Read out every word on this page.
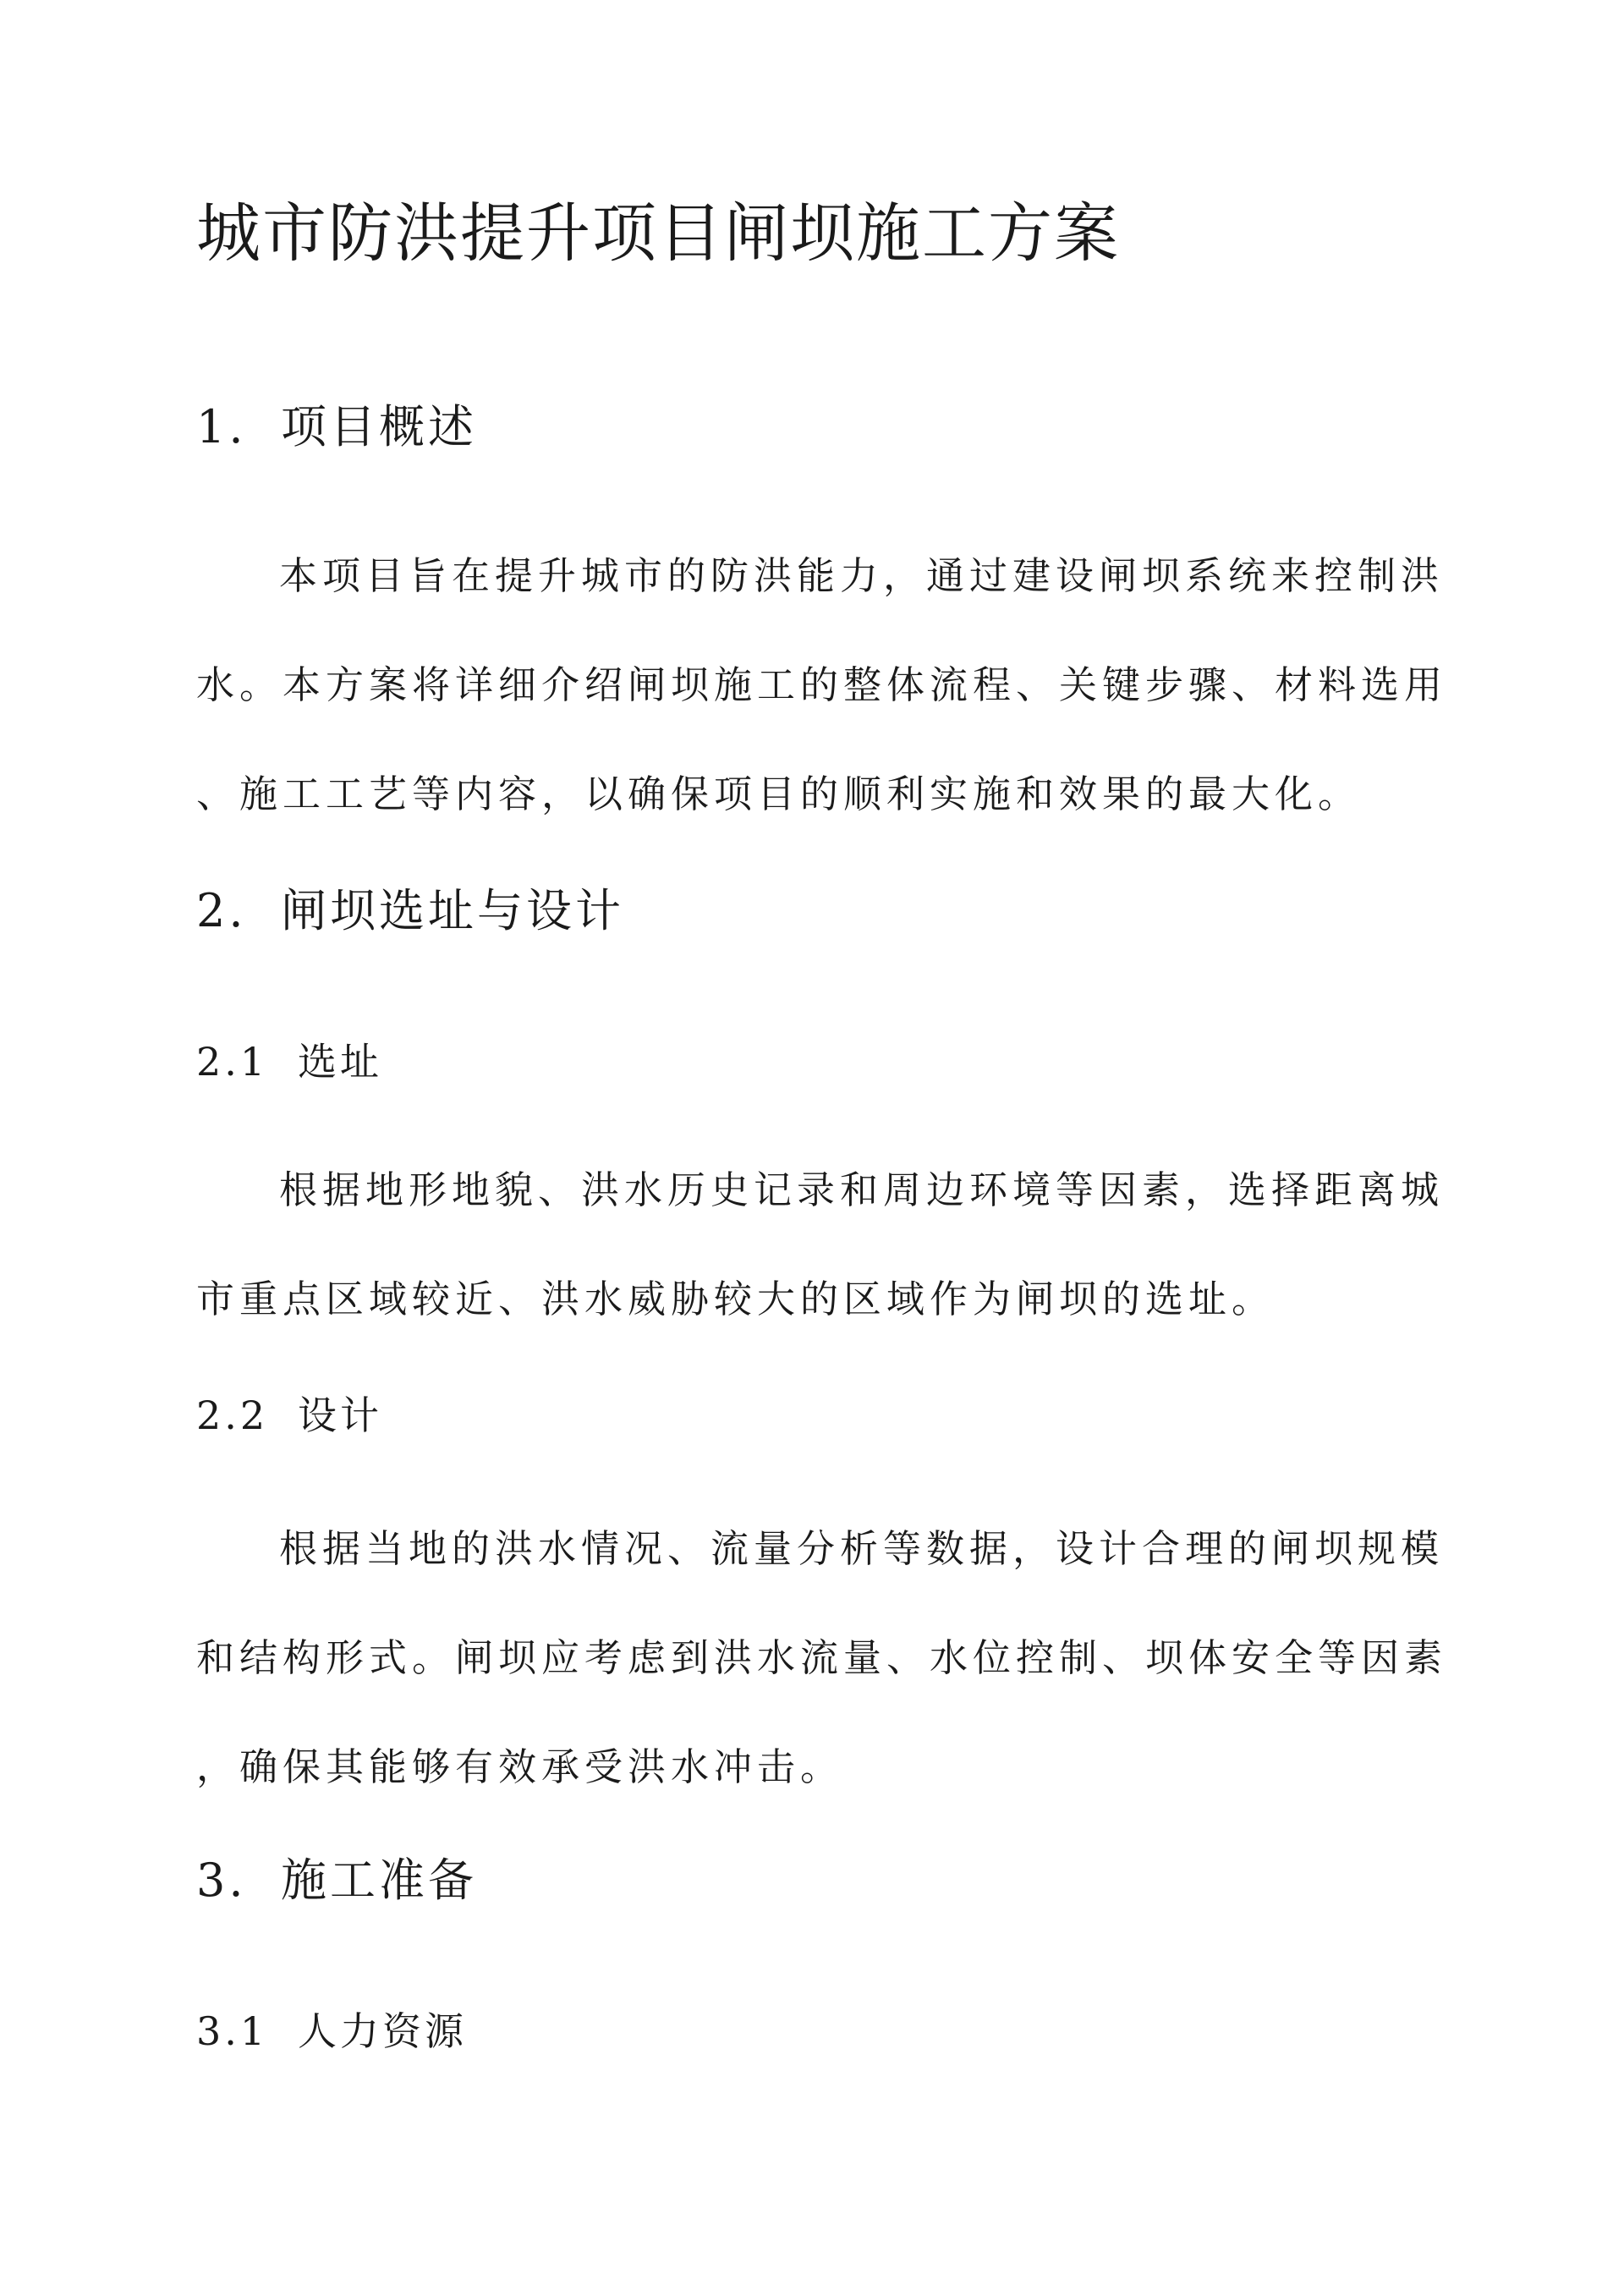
城市防洪提升项目闸坝施工方案
1. 项目概述
本项目旨在提升城市的防洪能力，通过建设闸坝系统来控制洪
水。本方案将详细介绍闸坝施工的整体流程、关键步骤、材料选用
、施工工艺等内容，以确保项目的顺利实施和效果的最大化。
2. 闸坝选址与设计
2.1 选址
根据地形地貌、洪水历史记录和周边环境等因素，选择距离城
市重点区域较近、洪水威胁较大的区域作为闸坝的选址。
2.2 设计
根据当地的洪水情况、流量分析等数据，设计合理的闸坝规模
和结构形式。闸坝应考虑到洪水流量、水位控制、坝体安全等因素
，确保其能够有效承受洪水冲击。
3. 施工准备
3.1 人力资源
